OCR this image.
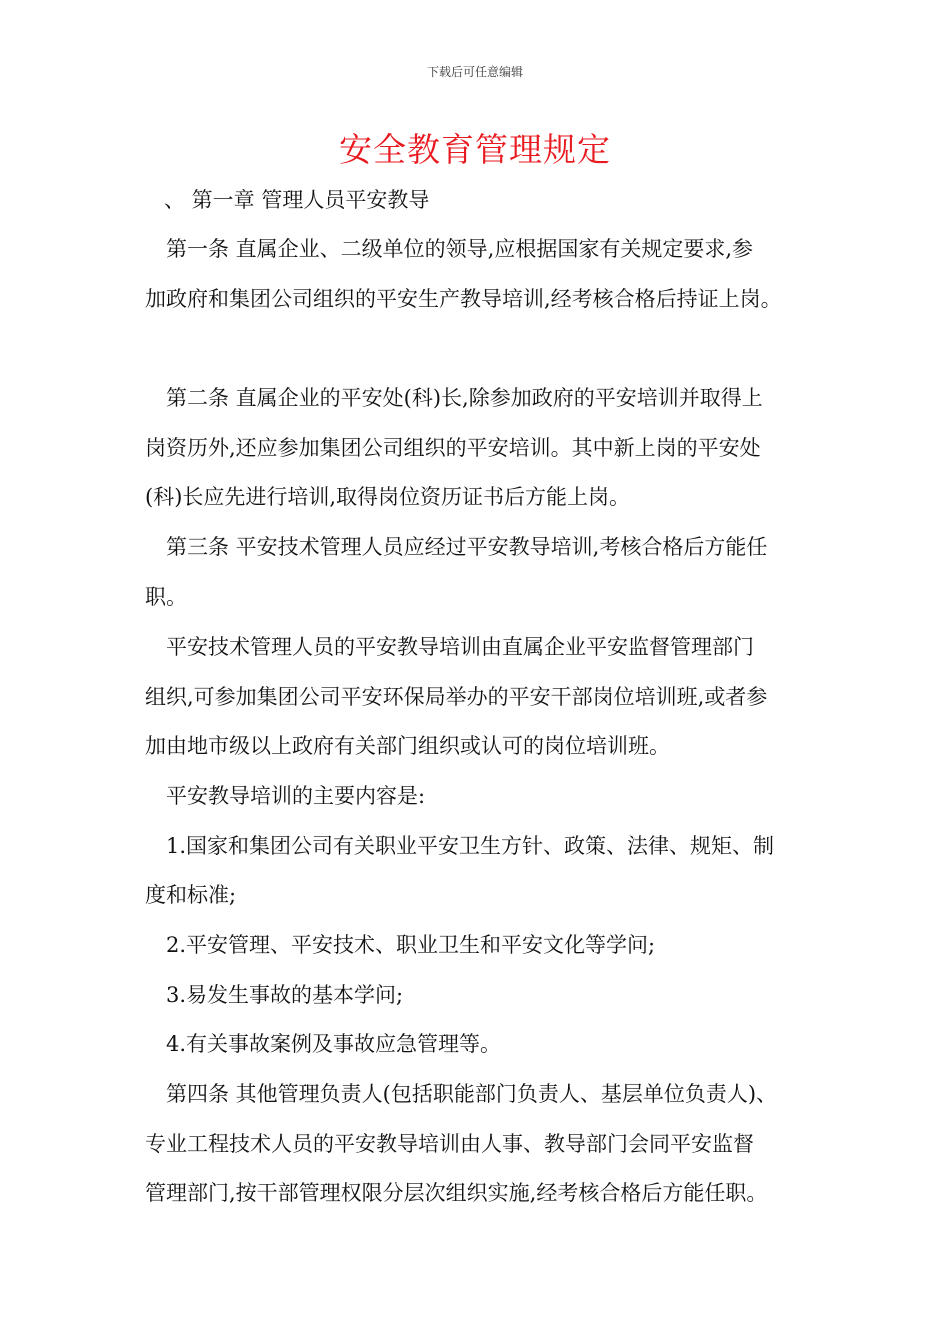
下载后可任意编辑
安全教育管理规定
、 第一章 管理人员平安教导
第一条 直属企业、二级单位的领导,应根据国家有关规定要求,参
加政府和集团公司组织的平安生产教导培训,经考核合格后持证上岗。
第二条 直属企业的平安处(科)长,除参加政府的平安培训并取得上
岗资历外,还应参加集团公司组织的平安培训。其中新上岗的平安处
(科)长应先进行培训,取得岗位资历证书后方能上岗。
第三条 平安技术管理人员应经过平安教导培训,考核合格后方能任
职。
平安技术管理人员的平安教导培训由直属企业平安监督管理部门
组织,可参加集团公司平安环保局举办的平安干部岗位培训班,或者参
加由地市级以上政府有关部门组织或认可的岗位培训班。
平安教导培训的主要内容是:
1.国家和集团公司有关职业平安卫生方针、政策、法律、规矩、制
度和标准;
2.平安管理、平安技术、职业卫生和平安文化等学问;
3.易发生事故的基本学问;
4.有关事故案例及事故应急管理等。
第四条 其他管理负责人(包括职能部门负责人、基层单位负责人)、
专业工程技术人员的平安教导培训由人事、教导部门会同平安监督
管理部门,按干部管理权限分层次组织实施,经考核合格后方能任职。
